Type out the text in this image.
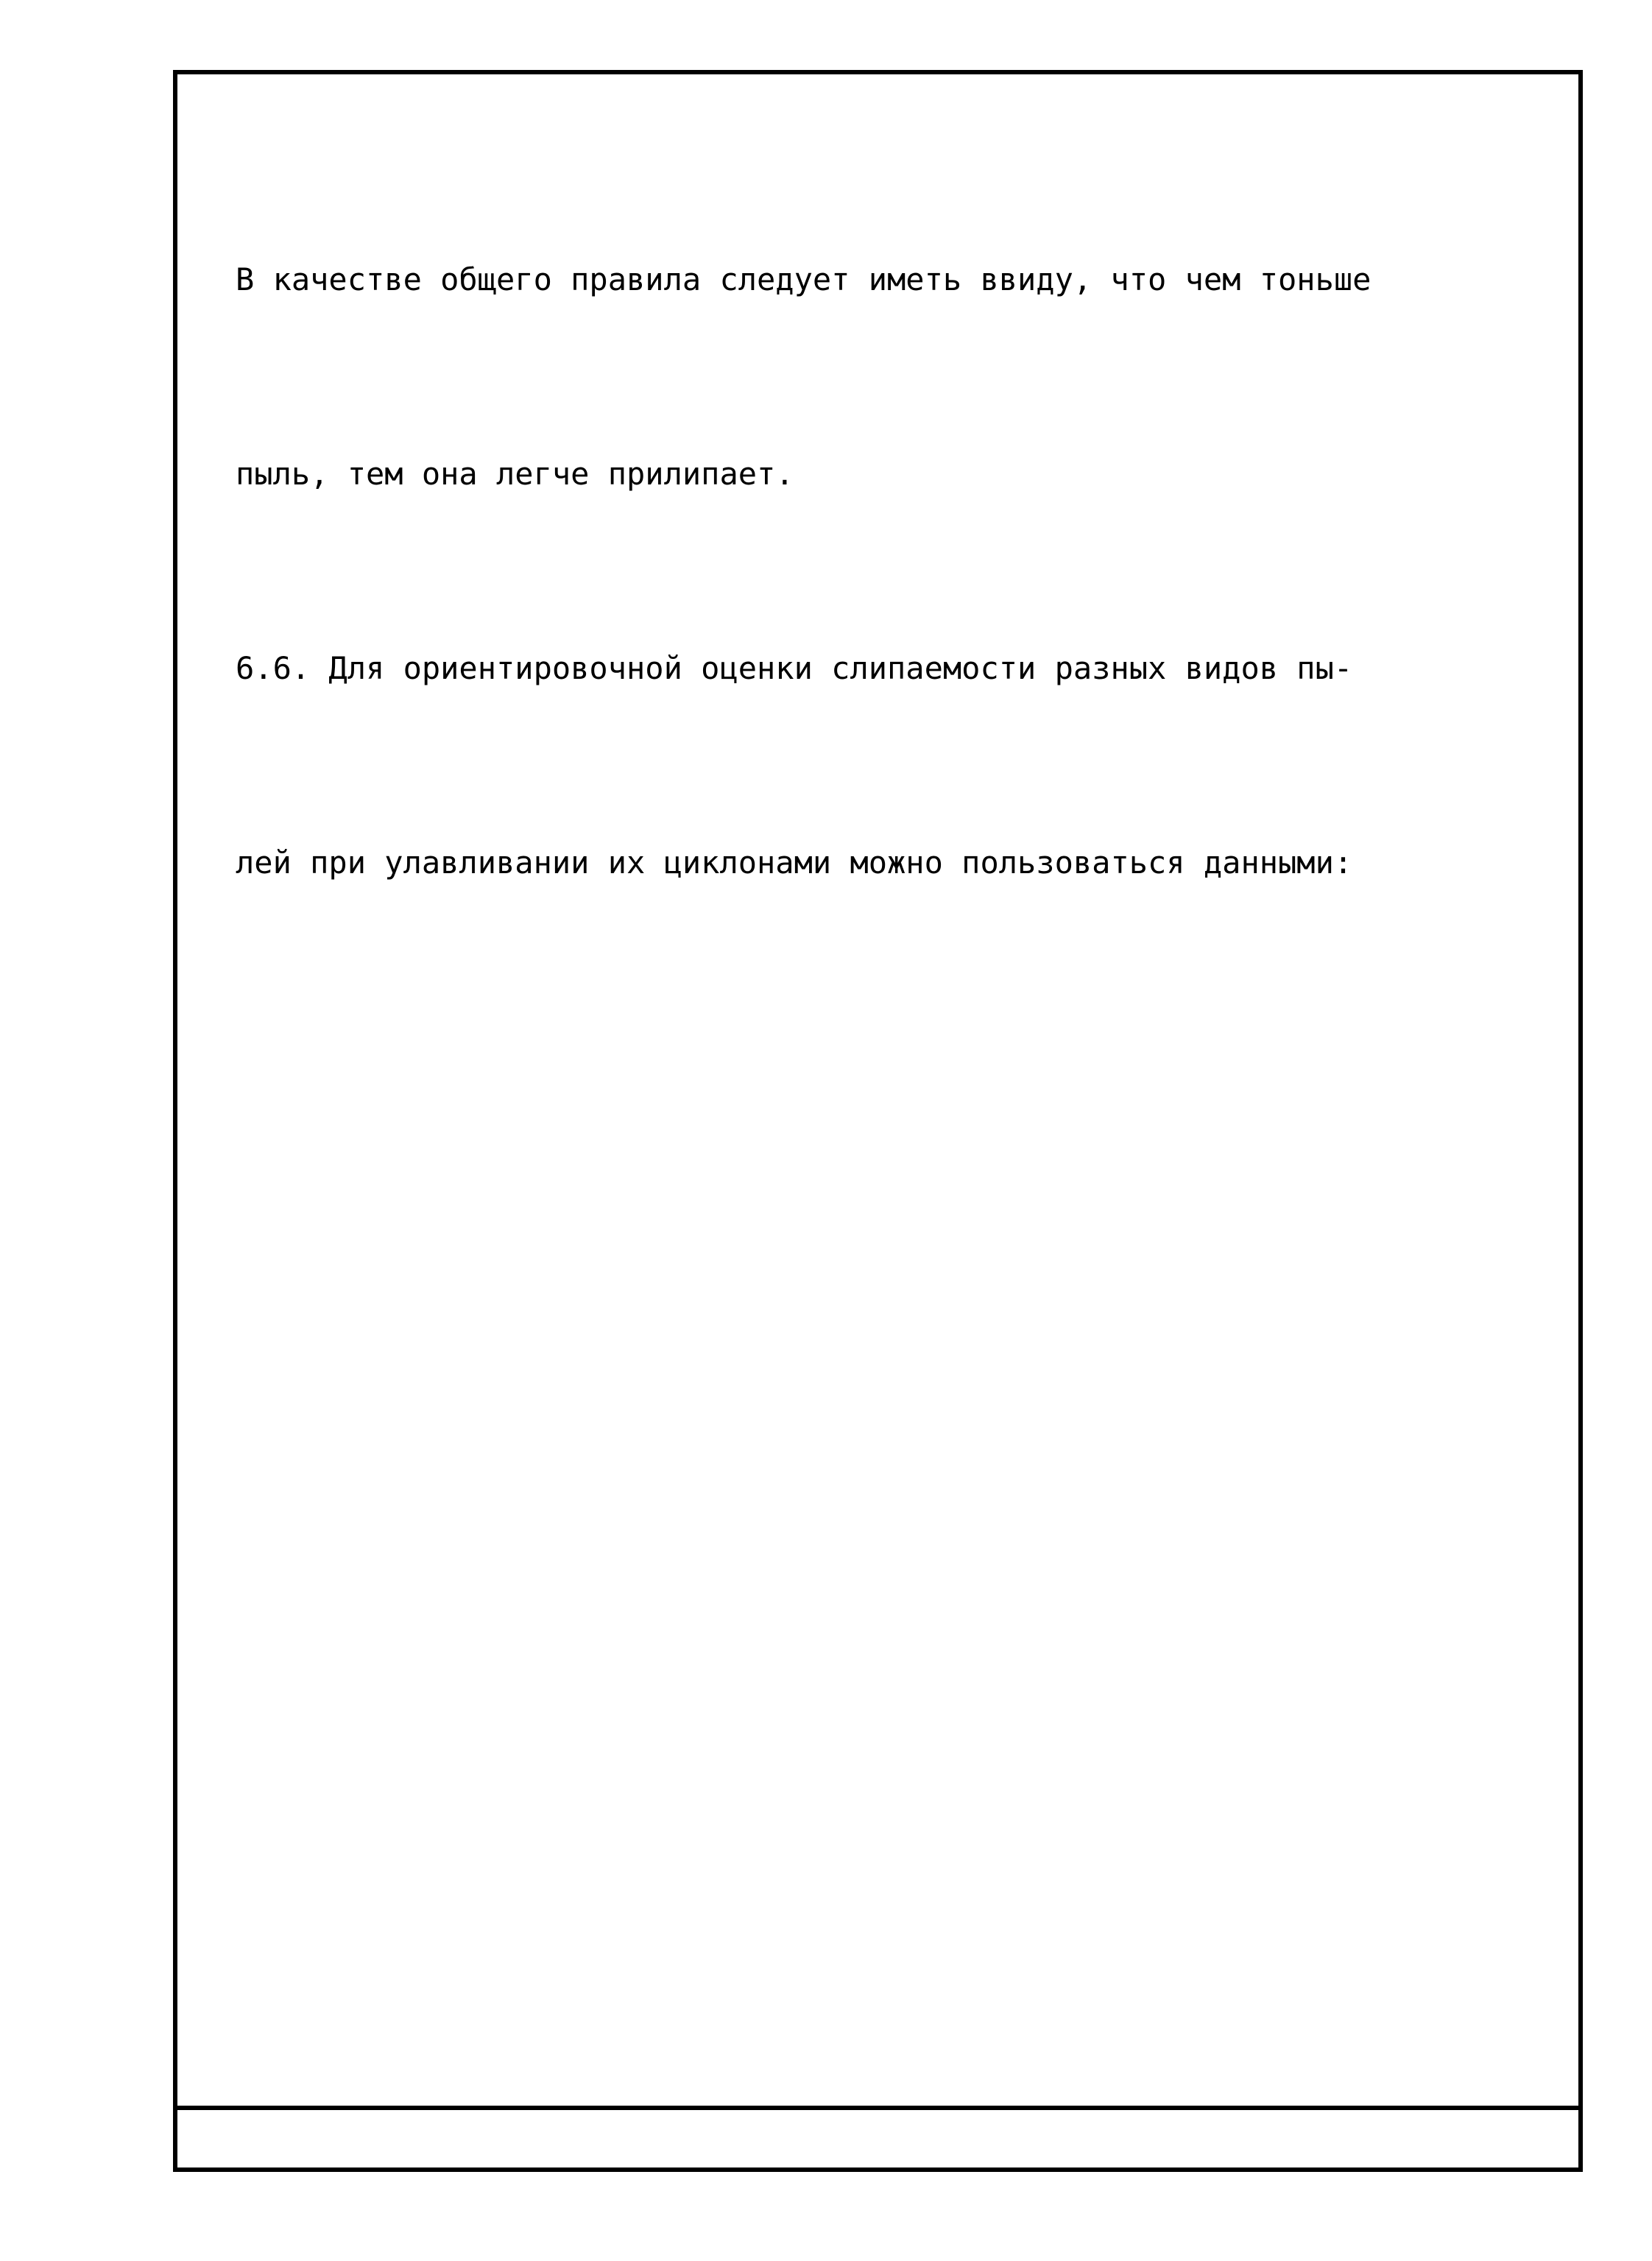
В качестве общего правила следует иметь ввиду, что чем тоньше

пыль, тем она легче прилипает.

6.6. Для ориентировочной оценки слипаемости разных видов пы-

лей при улавливании их циклонами можно пользоваться данными:
